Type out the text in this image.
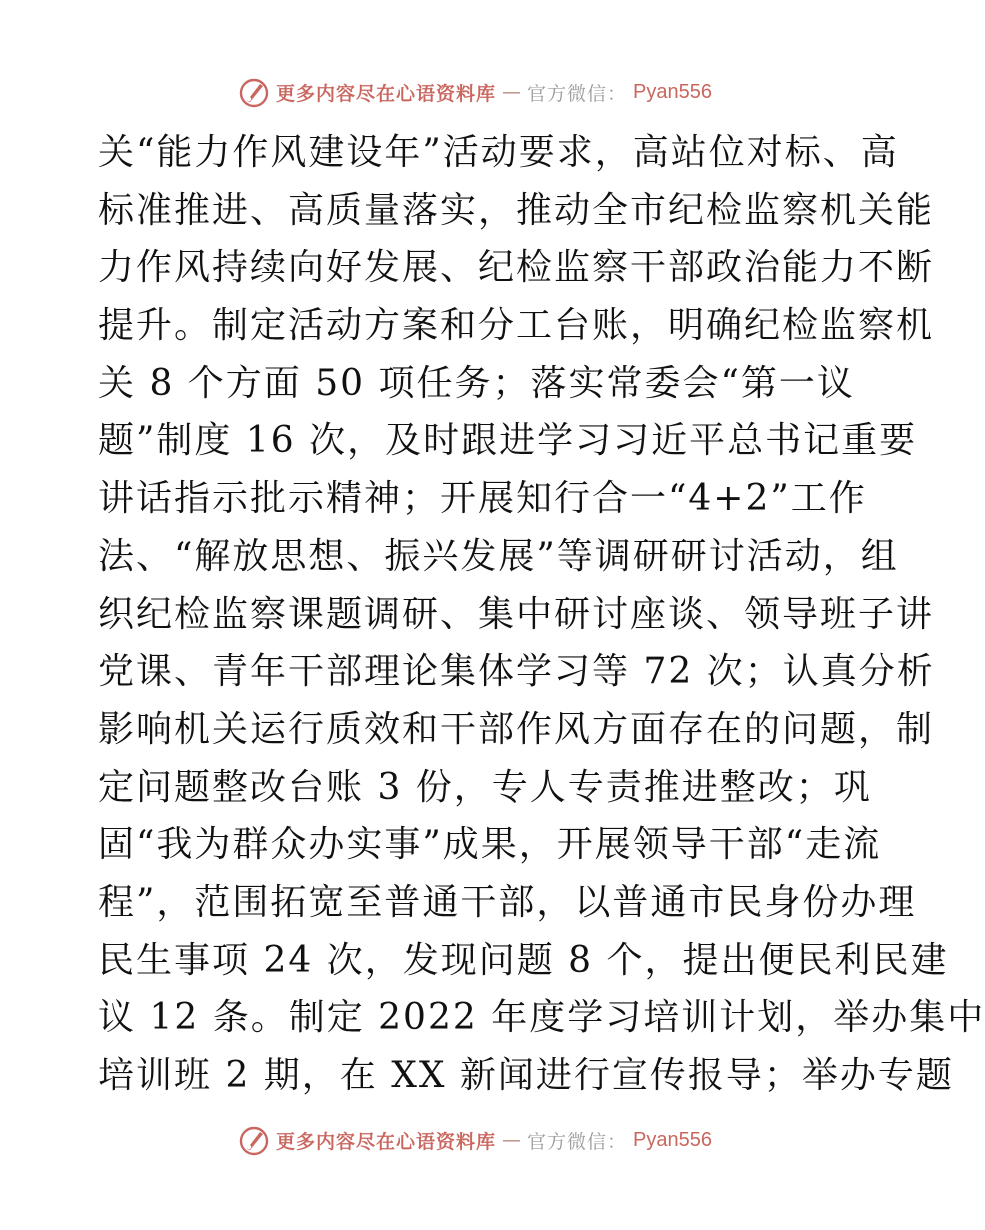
更多内容尽在心语资料库 — 官方微信： Pyan556
关“能力作风建设年”活动要求，高站位对标、高
标准推进、高质量落实，推动全市纪检监察机关能
力作风持续向好发展、纪检监察干部政治能力不断
提升。制定活动方案和分工台账，明确纪检监察机
关 8 个方面 50 项任务；落实常委会“第一议
题”制度 16 次，及时跟进学习习近平总书记重要
讲话指示批示精神；开展知行合一“4+2”工作
法、“解放思想、振兴发展”等调研研讨活动，组
织纪检监察课题调研、集中研讨座谈、领导班子讲
党课、青年干部理论集体学习等 72 次；认真分析
影响机关运行质效和干部作风方面存在的问题，制
定问题整改台账 3 份，专人专责推进整改；巩
固“我为群众办实事”成果，开展领导干部“走流
程”，范围拓宽至普通干部，以普通市民身份办理
民生事项 24 次，发现问题 8 个，提出便民利民建
议 12 条。制定 2022 年度学习培训计划，举办集中
培训班 2 期，在 XX 新闻进行宣传报导；举办专题
更多内容尽在心语资料库 — 官方微信： Pyan556
